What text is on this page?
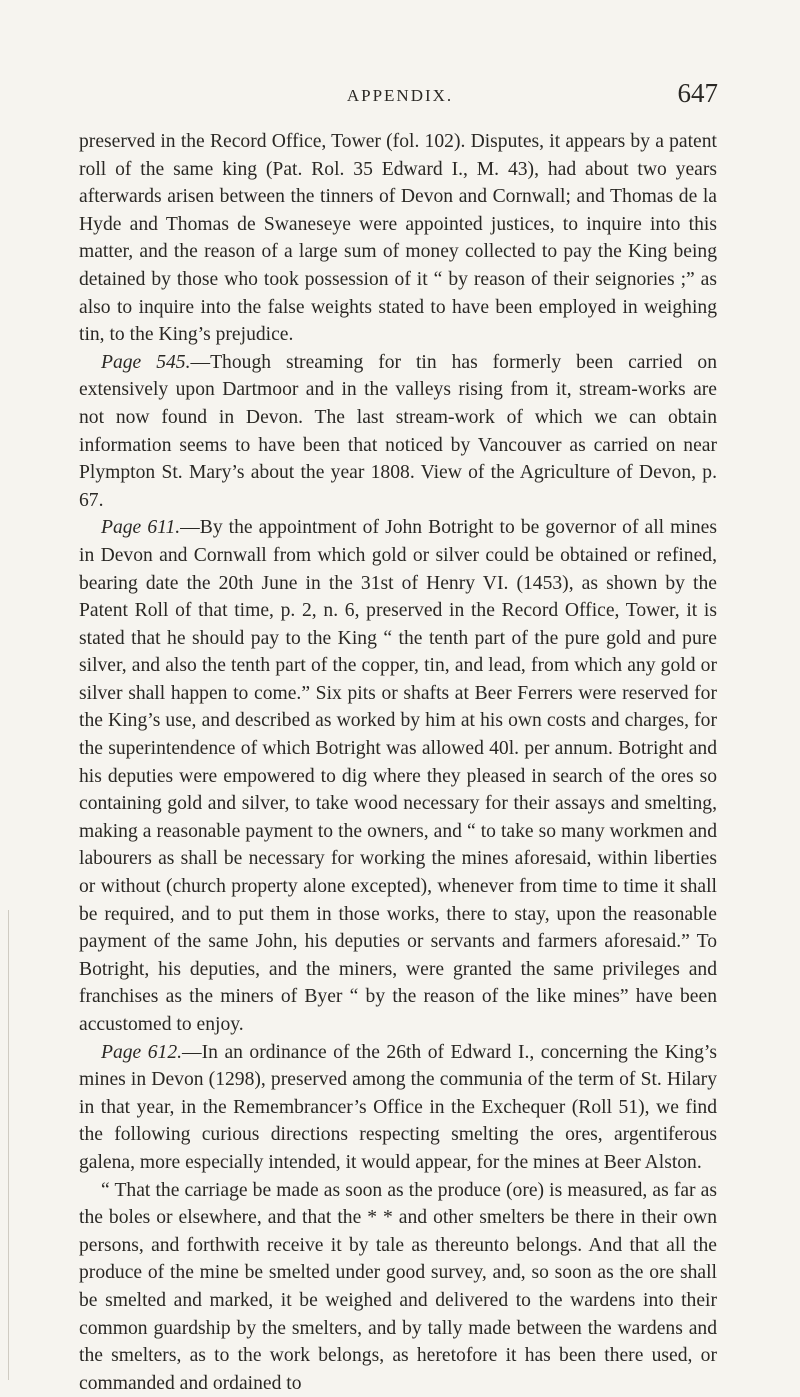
APPENDIX.	647

preserved in the Record Office, Tower (fol. 102). Disputes, it appears by a patent roll of the same king (Pat. Rol. 35 Edward I., M. 43), had about two years afterwards arisen between the tinners of Devon and Cornwall; and Thomas de la Hyde and Thomas de Swaneseye were appointed justices, to inquire into this matter, and the reason of a large sum of money collected to pay the King being detained by those who took possession of it “ by reason of their seignories ;” as also to inquire into the false weights stated to have been employed in weighing tin, to the King’s prejudice.

Page 545.—Though streaming for tin has formerly been carried on extensively upon Dartmoor and in the valleys rising from it, stream-works are not now found in Devon. The last stream-work of which we can obtain information seems to have been that noticed by Vancouver as carried on near Plympton St. Mary’s about the year 1808. View of the Agriculture of Devon, p. 67.

Page 611.—By the appointment of John Botright to be governor of all mines in Devon and Cornwall from which gold or silver could be obtained or refined, bearing date the 20th June in the 31st of Henry VI. (1453), as shown by the Patent Roll of that time, p. 2, n. 6, preserved in the Record Office, Tower, it is stated that he should pay to the King “ the tenth part of the pure gold and pure silver, and also the tenth part of the copper, tin, and lead, from which any gold or silver shall happen to come.” Six pits or shafts at Beer Ferrers were reserved for the King’s use, and described as worked by him at his own costs and charges, for the superintendence of which Botright was allowed 40l. per annum. Botright and his deputies were empowered to dig where they pleased in search of the ores so containing gold and silver, to take wood necessary for their assays and smelting, making a reasonable payment to the owners, and “ to take so many workmen and labourers as shall be necessary for working the mines aforesaid, within liberties or without (church property alone excepted), whenever from time to time it shall be required, and to put them in those works, there to stay, upon the reasonable payment of the same John, his deputies or servants and farmers aforesaid.” To Botright, his deputies, and the miners, were granted the same privileges and franchises as the miners of Byer “ by the reason of the like mines” have been accustomed to enjoy.

Page 612.—In an ordinance of the 26th of Edward I., concerning the King’s mines in Devon (1298), preserved among the communia of the term of St. Hilary in that year, in the Remembrancer’s Office in the Exchequer (Roll 51), we find the following curious directions respecting smelting the ores, argentiferous galena, more especially intended, it would appear, for the mines at Beer Alston.

“ That the carriage be made as soon as the produce (ore) is measured, as far as the boles or elsewhere, and that the * * and other smelters be there in their own persons, and forthwith receive it by tale as thereunto belongs. And that all the produce of the mine be smelted under good survey, and, so soon as the ore shall be smelted and marked, it be weighed and delivered to the wardens into their common guardship by the smelters, and by tally made between the wardens and the smelters, as to the work belongs, as heretofore it has been there used, or commanded and ordained to
